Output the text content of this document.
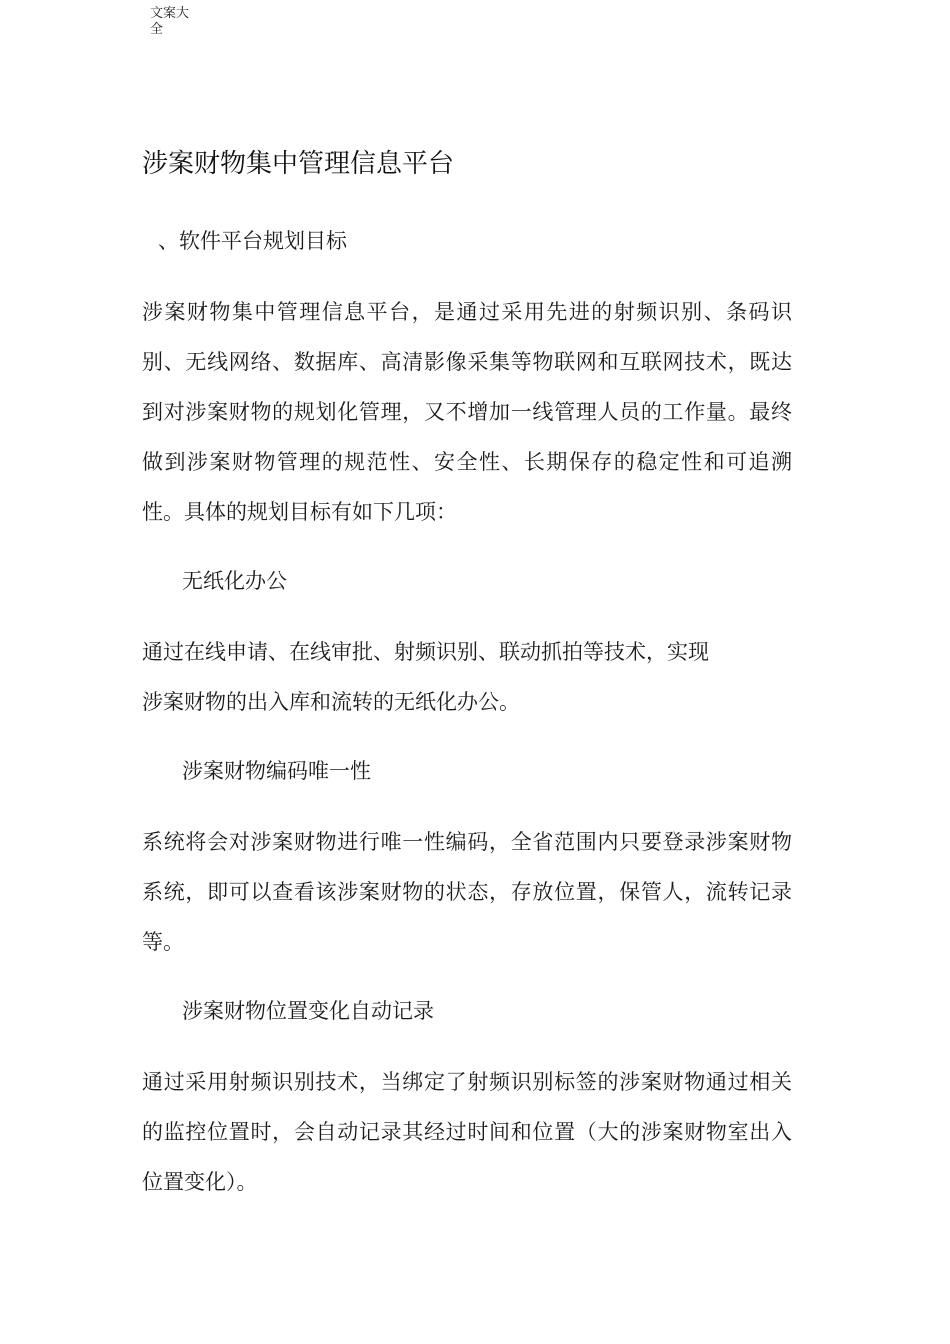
文案大全
涉案财物集中管理信息平台
、软件平台规划目标
涉案财物集中管理信息平台，是通过采用先进的射频识别、条码识别、无线网络、数据库、高清影像采集等物联网和互联网技术，既达到对涉案财物的规划化管理，又不增加一线管理人员的工作量。最终做到涉案财物管理的规范性、安全性、长期保存的稳定性和可追溯性。具体的规划目标有如下几项：
无纸化办公
通过在线申请、在线审批、射频识别、联动抓拍等技术，实现
涉案财物的出入库和流转的无纸化办公。
涉案财物编码唯一性
系统将会对涉案财物进行唯一性编码，全省范围内只要登录涉案财物系统，即可以查看该涉案财物的状态，存放位置，保管人，流转记录等。
涉案财物位置变化自动记录
通过采用射频识别技术，当绑定了射频识别标签的涉案财物通过相关的监控位置时，会自动记录其经过时间和位置（大的涉案财物室出入位置变化）。
